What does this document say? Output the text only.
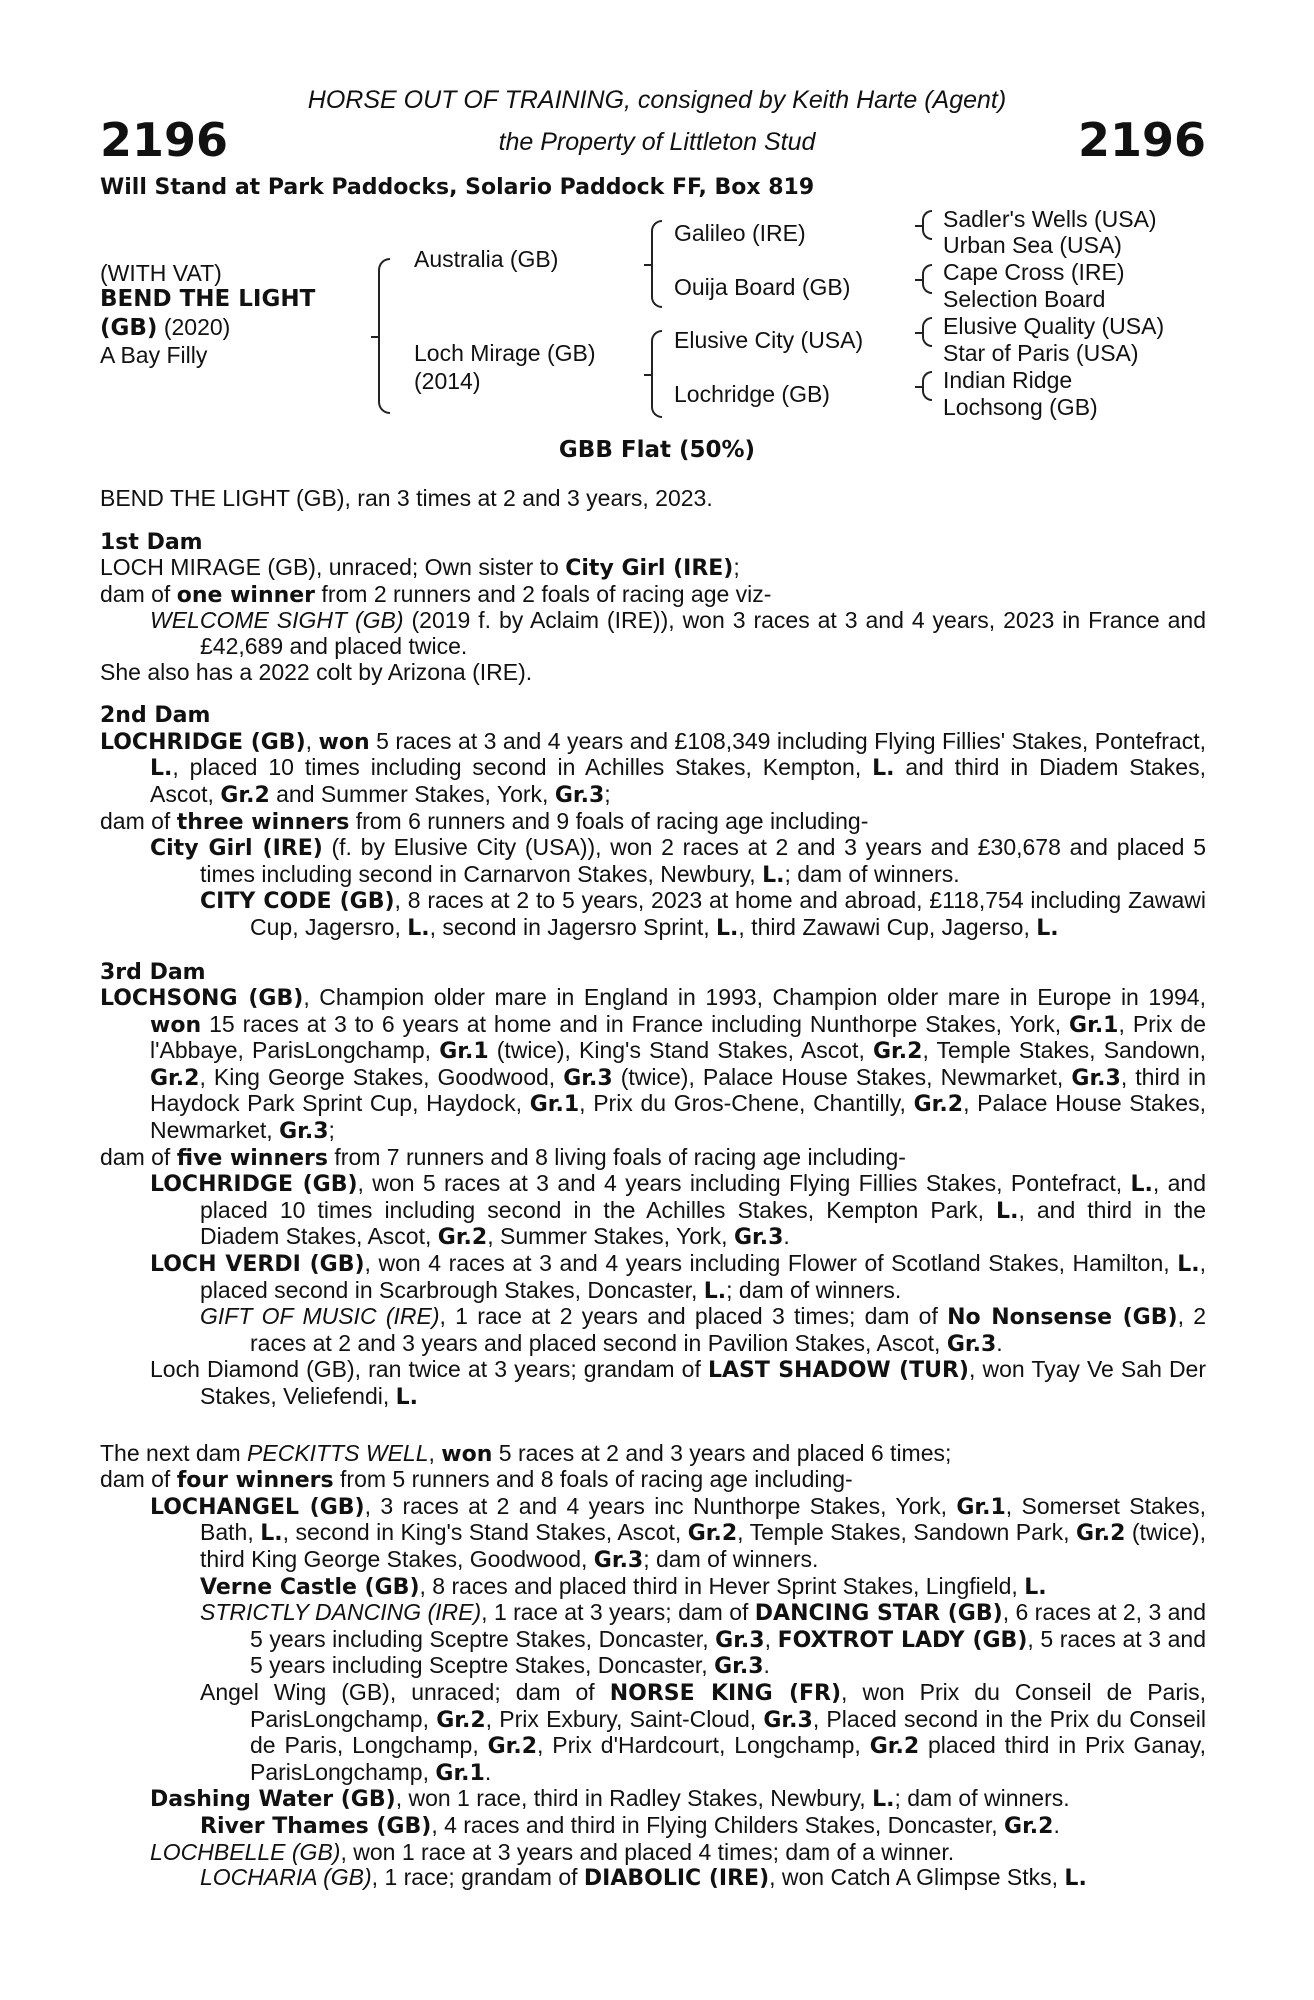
2196	2196
HORSE OUT OF TRAINING, consigned by Keith Harte (Agent)
the Property of Littleton Stud
Will Stand at Park Paddocks, Solario Paddock FF, Box 819
(WITH VAT)
BEND THE LIGHT
(GB) (2020)
A Bay Filly
Australia (GB)
Loch Mirage (GB)
(2014)
Galileo (IRE)
Ouija Board (GB)
Elusive City (USA)
Lochridge (GB)
Sadler's Wells (USA)
Urban Sea (USA)
Cape Cross (IRE)
Selection Board
Elusive Quality (USA)
Star of Paris (USA)
Indian Ridge
Lochsong (GB)
GBB Flat (50%)

BEND THE LIGHT (GB), ran 3 times at 2 and 3 years, 2023.

1st Dam

LOCH MIRAGE (GB), unraced; Own sister to City Girl (IRE);

dam of one winner from 2 runners and 2 foals of racing age viz-

WELCOME SIGHT (GB) (2019 f. by Aclaim (IRE)), won 3 races at 3 and 4 years, 2023 in France and £42,689 and placed twice.

She also has a 2022 colt by Arizona (IRE).

2nd Dam

LOCHRIDGE (GB), won 5 races at 3 and 4 years and £108,349 including Flying Fillies' Stakes, Pontefract, L., placed 10 times including second in Achilles Stakes, Kempton, L. and third in Diadem Stakes, Ascot, Gr.2 and Summer Stakes, York, Gr.3;

dam of three winners from 6 runners and 9 foals of racing age including-

City Girl (IRE) (f. by Elusive City (USA)), won 2 races at 2 and 3 years and £30,678 and placed 5 times including second in Carnarvon Stakes, Newbury, L.; dam of winners.

CITY CODE (GB), 8 races at 2 to 5 years, 2023 at home and abroad, £118,754 including Zawawi Cup, Jagersro, L., second in Jagersro Sprint, L., third Zawawi Cup, Jagerso, L.

3rd Dam

LOCHSONG (GB), Champion older mare in England in 1993, Champion older mare in Europe in 1994, won 15 races at 3 to 6 years at home and in France including Nunthorpe Stakes, York, Gr.1, Prix de l'Abbaye, ParisLongchamp, Gr.1 (twice), King's Stand Stakes, Ascot, Gr.2, Temple Stakes, Sandown, Gr.2, King George Stakes, Goodwood, Gr.3 (twice), Palace House Stakes, Newmarket, Gr.3, third in Haydock Park Sprint Cup, Haydock, Gr.1, Prix du Gros-Chene, Chantilly, Gr.2, Palace House Stakes, Newmarket, Gr.3;

dam of five winners from 7 runners and 8 living foals of racing age including-

LOCHRIDGE (GB), won 5 races at 3 and 4 years including Flying Fillies Stakes, Pontefract, L., and placed 10 times including second in the Achilles Stakes, Kempton Park, L., and third in the Diadem Stakes, Ascot, Gr.2, Summer Stakes, York, Gr.3.

LOCH VERDI (GB), won 4 races at 3 and 4 years including Flower of Scotland Stakes, Hamilton, L., placed second in Scarbrough Stakes, Doncaster, L.; dam of winners.

GIFT OF MUSIC (IRE), 1 race at 2 years and placed 3 times; dam of No Nonsense (GB), 2 races at 2 and 3 years and placed second in Pavilion Stakes, Ascot, Gr.3.

Loch Diamond (GB), ran twice at 3 years; grandam of LAST SHADOW (TUR), won Tyay Ve Sah Der Stakes, Veliefendi, L.

The next dam PECKITTS WELL, won 5 races at 2 and 3 years and placed 6 times;

dam of four winners from 5 runners and 8 foals of racing age including-

LOCHANGEL (GB), 3 races at 2 and 4 years inc Nunthorpe Stakes, York, Gr.1, Somerset Stakes, Bath, L., second in King's Stand Stakes, Ascot, Gr.2, Temple Stakes, Sandown Park, Gr.2 (twice), third King George Stakes, Goodwood, Gr.3; dam of winners.

Verne Castle (GB), 8 races and placed third in Hever Sprint Stakes, Lingfield, L.

STRICTLY DANCING (IRE), 1 race at 3 years; dam of DANCING STAR (GB), 6 races at 2, 3 and 5 years including Sceptre Stakes, Doncaster, Gr.3, FOXTROT LADY (GB), 5 races at 3 and 5 years including Sceptre Stakes, Doncaster, Gr.3.

Angel Wing (GB), unraced; dam of NORSE KING (FR), won Prix du Conseil de Paris, ParisLongchamp, Gr.2, Prix Exbury, Saint-Cloud, Gr.3, Placed second in the Prix du Conseil de Paris, Longchamp, Gr.2, Prix d'Hardcourt, Longchamp, Gr.2 placed third in Prix Ganay, ParisLongchamp, Gr.1.

Dashing Water (GB), won 1 race, third in Radley Stakes, Newbury, L.; dam of winners.

River Thames (GB), 4 races and third in Flying Childers Stakes, Doncaster, Gr.2.

LOCHBELLE (GB), won 1 race at 3 years and placed 4 times; dam of a winner.

LOCHARIA (GB), 1 race; grandam of DIABOLIC (IRE), won Catch A Glimpse Stks, L.
